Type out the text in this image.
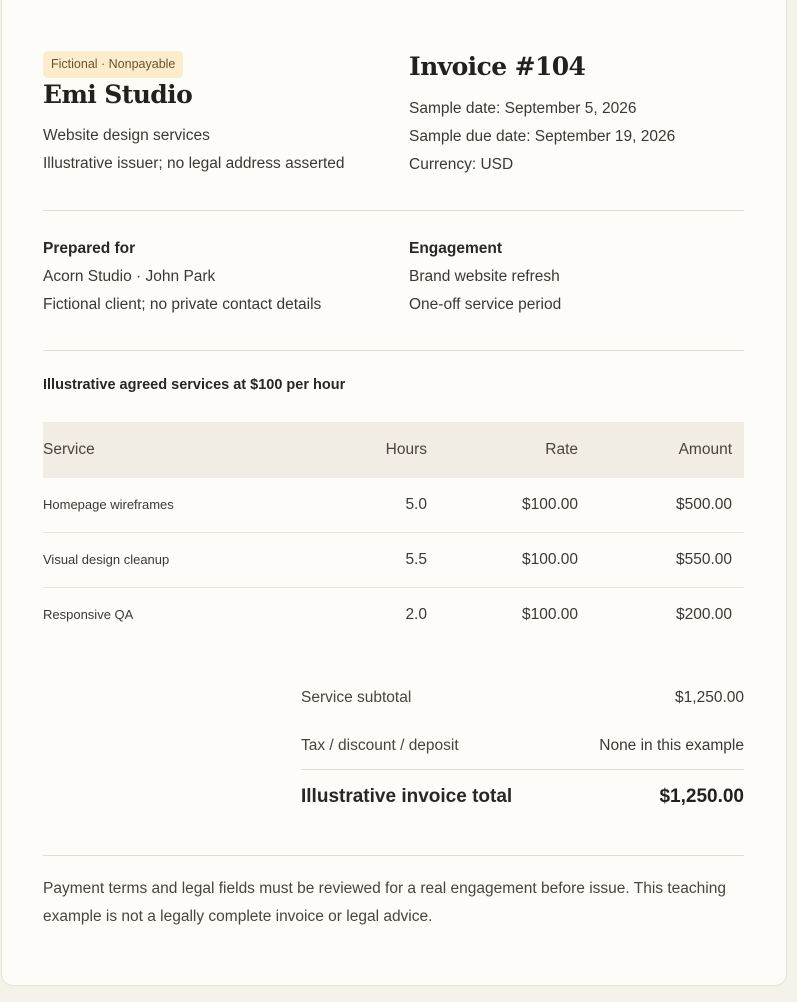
Fictional · Nonpayable
Emi Studio
Website design services
Illustrative issuer; no legal address asserted
Invoice #104
Sample date: September 5, 2026
Sample due date: September 19, 2026
Currency: USD
Prepared for
Acorn Studio · John Park
Fictional client; no private contact details
Engagement
Brand website refresh
One-off service period
Illustrative agreed services at $100 per hour
Service	Hours	Rate	Amount
Homepage wireframes	5.0	$100.00	$500.00
Visual design cleanup	5.5	$100.00	$550.00
Responsive QA	2.0	$100.00	$200.00
Service subtotal	$1,250.00
Tax / discount / deposit	None in this example
Illustrative invoice total	$1,250.00
Payment terms and legal fields must be reviewed for a real engagement before issue. This teaching example is not a legally complete invoice or legal advice.
